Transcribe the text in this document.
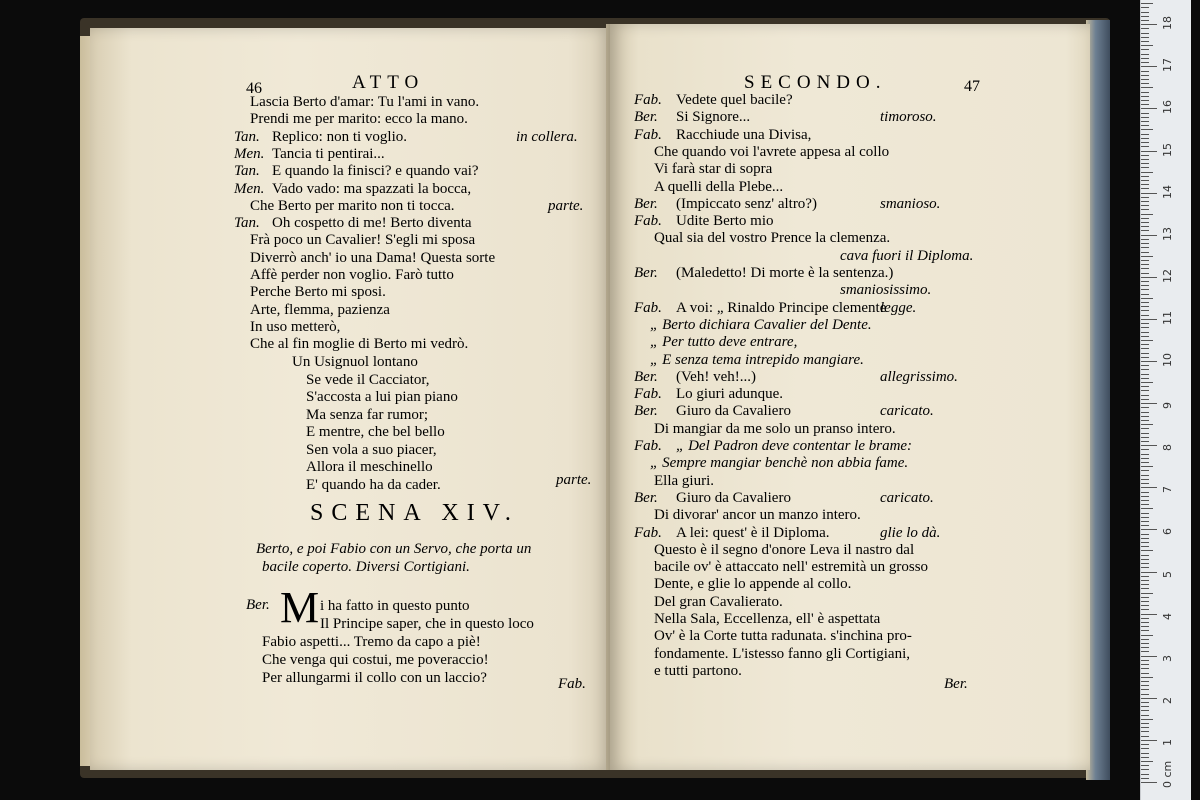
46	ATTO
Lascia Berto d'amar: Tu l'ami in vano.
Prendi me per marito: ecco la mano.
Tan. Replico: non ti voglio.	in collera.
Men. Tancia ti pentirai...
Tan. E quando la finisci? e quando vai?
Men. Vado vado: ma spazzati la bocca,
Che Berto per marito non ti tocca.	parte.
Tan. Oh cospetto di me! Berto diventa
Frà poco un Cavalier! S'egli mi sposa
Diverrò anch' io una Dama! Questa sorte
Affè perder non voglio. Farò tutto
Perche Berto mi sposi.
Arte, flemma, pazienza
In uso metterò,
Che al fin moglie di Berto mi vedrò.
Un Usignuol lontano
Se vede il Cacciator,
S'accosta a lui pian piano
Ma senza far rumor;
E mentre, che bel bello
Sen vola a suo piacer,
Allora il meschinello
E' quando ha da cader.	parte.
SCENA XIV.
Berto, e poi Fabio con un Servo, che porta un
bacile coperto. Diversi Cortigiani.
Ber. M i ha fatto in questo punto
Il Principe saper, che in questo loco
Fabio aspetti... Tremo da capo a piè!
Che venga qui costui, me poveraccio!
Per allungarmi il collo con un laccio?	Fab.
SECONDO.	47
Fab. Vedete quel bacile?
Ber. Si Signore...	timoroso.
Fab. Racchiude una Divisa,
Che quando voi l'avrete appesa al collo
Vi farà star di sopra
A quelli della Plebe...
Ber. (Impiccato senz' altro?)	smanioso.
Fab. Udite Berto mio
Qual sia del vostro Prence la clemenza.
cava fuori il Diploma.
Ber. (Maledetto! Di morte è la sentenza.)
smaniosissimo.
Fab. A voi: „ Rinaldo Principe clemente
legge.
„ Berto dichiara Cavalier del Dente.
„ Per tutto deve entrare,
„ E senza tema intrepido mangiare.
Ber. (Veh! veh!...)	allegrissimo.
Fab. Lo giuri adunque.
Ber. Giuro da Cavaliero	caricato.
Di mangiar da me solo un pranso intero.
Fab. „ Del Padron deve contentar le brame:
„ Sempre mangiar benchè non abbia fame.
Ella giuri.
Ber. Giuro da Cavaliero	caricato.
Di divorar' ancor un manzo intero.
Fab. A lei: quest' è il Diploma.	glie lo dà.
Questo è il segno d'onore Leva il nastro dal
bacile ov' è attaccato nell' estremità un grosso
Dente, e glie lo appende al collo.
Del gran Cavalierato.
Nella Sala, Eccellenza, ell' è aspettata
Ov' è la Corte tutta radunata. s'inchina pro-
fondamente. L'istesso fanno gli Cortigiani,
e tutti partono.
Ber.
0 cm
1
2
3
4
5
6
7
8
9
10
11
12
13
14
15
16
17
18
